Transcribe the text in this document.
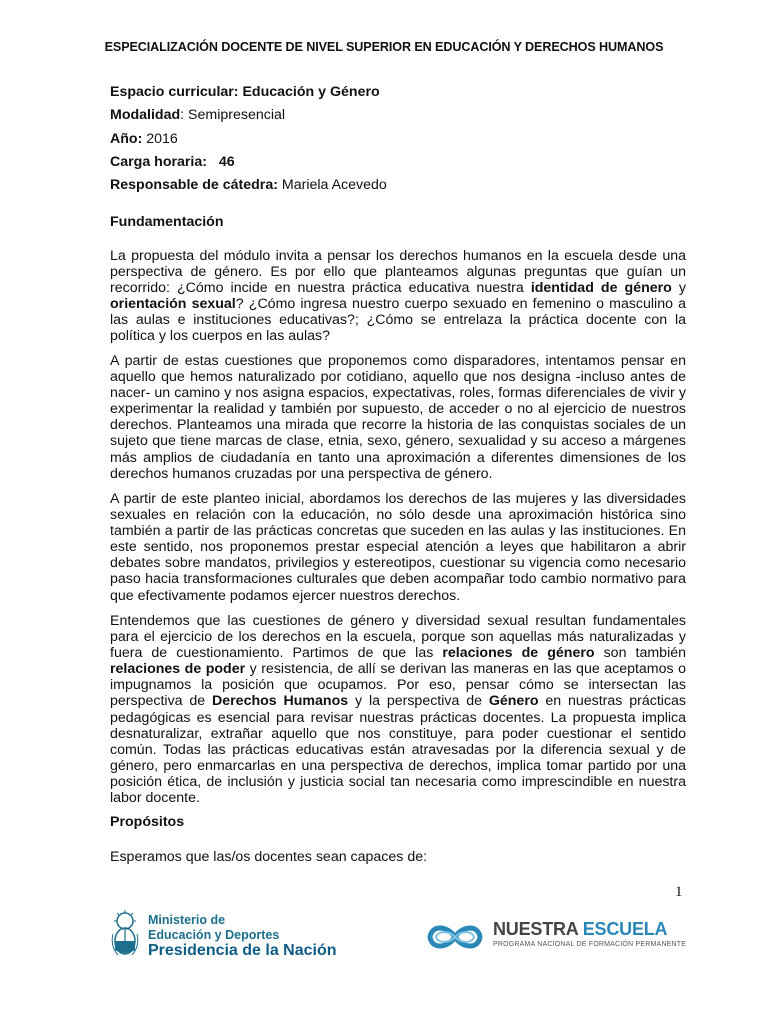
ESPECIALIZACIÓN DOCENTE DE NIVEL SUPERIOR EN EDUCACIÓN Y DERECHOS HUMANOS
Espacio curricular: Educación y Género
Modalidad: Semipresencial
Año: 2016
Carga horaria: 46
Responsable de cátedra: Mariela Acevedo
Fundamentación

La propuesta del módulo invita a pensar los derechos humanos en la escuela desde una perspectiva de género. Es por ello que planteamos algunas preguntas que guían un recorrido: ¿Cómo incide en nuestra práctica educativa nuestra identidad de género y orientación sexual? ¿Cómo ingresa nuestro cuerpo sexuado en femenino o masculino a las aulas e instituciones educativas?; ¿Cómo se entrelaza la práctica docente con la política y los cuerpos en las aulas?

A partir de estas cuestiones que proponemos como disparadores, intentamos pensar en aquello que hemos naturalizado por cotidiano, aquello que nos designa -incluso antes de nacer- un camino y nos asigna espacios, expectativas, roles, formas diferenciales de vivir y experimentar la realidad y también por supuesto, de acceder o no al ejercicio de nuestros derechos. Planteamos una mirada que recorre la historia de las conquistas sociales de un sujeto que tiene marcas de clase, etnia, sexo, género, sexualidad y su acceso a márgenes más amplios de ciudadanía en tanto una aproximación a diferentes dimensiones de los derechos humanos cruzadas por una perspectiva de género.

A partir de este planteo inicial, abordamos los derechos de las mujeres y las diversidades sexuales en relación con la educación, no sólo desde una aproximación histórica sino también a partir de las prácticas concretas que suceden en las aulas y las instituciones. En este sentido, nos proponemos prestar especial atención a leyes que habilitaron a abrir debates sobre mandatos, privilegios y estereotipos, cuestionar su vigencia como necesario paso hacia transformaciones culturales que deben acompañar todo cambio normativo para que efectivamente podamos ejercer nuestros derechos.

Entendemos que las cuestiones de género y diversidad sexual resultan fundamentales para el ejercicio de los derechos en la escuela, porque son aquellas más naturalizadas y fuera de cuestionamiento. Partimos de que las relaciones de género son también relaciones de poder y resistencia, de allí se derivan las maneras en las que aceptamos o impugnamos la posición que ocupamos. Por eso, pensar cómo se intersectan las perspectiva de Derechos Humanos y la perspectiva de Género en nuestras prácticas pedagógicas es esencial para revisar nuestras prácticas docentes. La propuesta implica desnaturalizar, extrañar aquello que nos constituye, para poder cuestionar el sentido común. Todas las prácticas educativas están atravesadas por la diferencia sexual y de género, pero enmarcarlas en una perspectiva de derechos, implica tomar partido por una posición ética, de inclusión y justicia social tan necesaria como imprescindible en nuestra labor docente.

Propósitos

Esperamos que las/os docentes sean capaces de:

1
Ministerio de
Educación y Deportes
Presidencia de la Nación
NUESTRA ESCUELA
PROGRAMA NACIONAL DE FORMACIÓN PERMANENTE
